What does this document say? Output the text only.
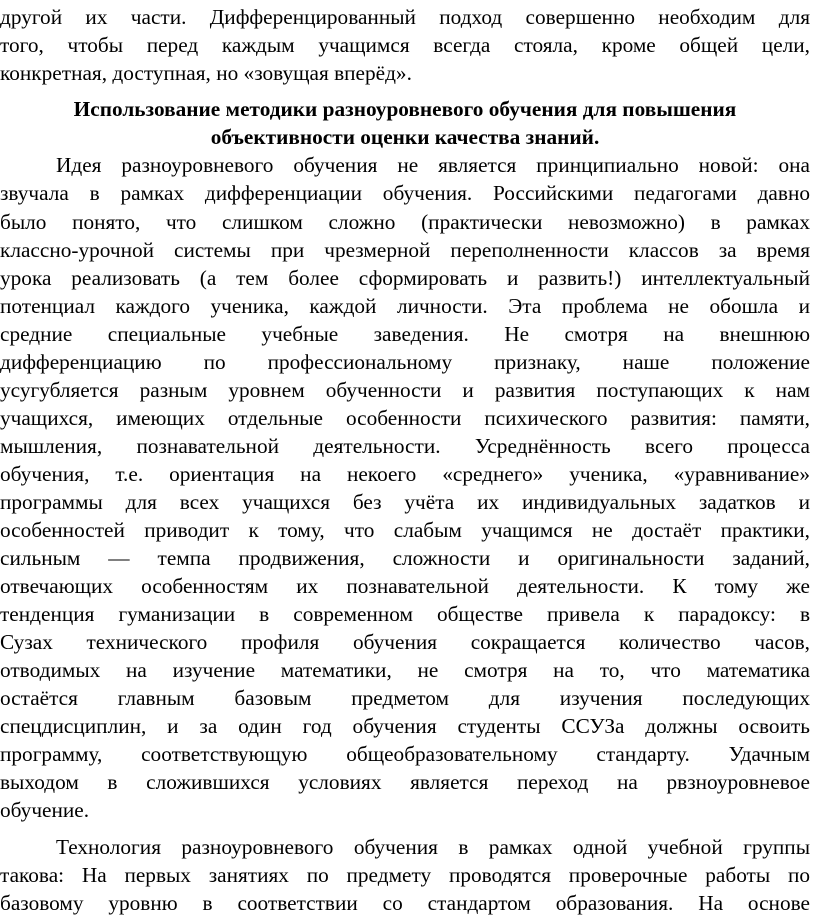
другой их части. Дифференцированный подход совершенно необходим для
того, чтобы перед каждым учащимся всегда стояла, кроме общей цели,
конкретная, доступная, но «зовущая вперёд».
Использование методики разноуровневого обучения для повышения
объективности оценки качества знаний.
Идея разноуровневого обучения не является принципиально новой: она
звучала в рамках дифференциации обучения. Российскими педагогами давно
было понято, что слишком сложно (практически невозможно) в рамках
классно-урочной системы при чрезмерной переполненности классов за время
урока реализовать (а тем более сформировать и развить!) интеллектуальный
потенциал каждого ученика, каждой личности. Эта проблема не обошла и
средние специальные учебные заведения. Не смотря на внешнюю
дифференциацию по профессиональному признаку, наше положение
усугубляется разным уровнем обученности и развития поступающих к нам
учащихся, имеющих отдельные особенности психического развития: памяти,
мышления, познавательной деятельности. Усреднённость всего процесса
обучения, т.е. ориентация на некоего «среднего» ученика, «уравнивание»
программы для всех учащихся без учёта их индивидуальных задатков и
особенностей приводит к тому, что слабым учащимся не достаёт практики,
сильным — темпа продвижения, сложности и оригинальности заданий,
отвечающих особенностям их познавательной деятельности. К тому же
тенденция гуманизации в современном обществе привела к парадоксу: в
Сузах технического профиля обучения сокращается количество часов,
отводимых на изучение математики, не смотря на то, что математика
остаётся главным базовым предметом для изучения последующих
спецдисциплин, и за один год обучения студенты ССУЗа должны освоить
программу, соответствующую общеобразовательному стандарту. Удачным
выходом в сложившихся условиях является переход на рвзноуровневое
обучение.
Технология разноуровневого обучения в рамках одной учебной группы
такова: На первых занятиях по предмету проводятся проверочные работы по
базовому уровню в соответствии со стандартом образования. На основе
